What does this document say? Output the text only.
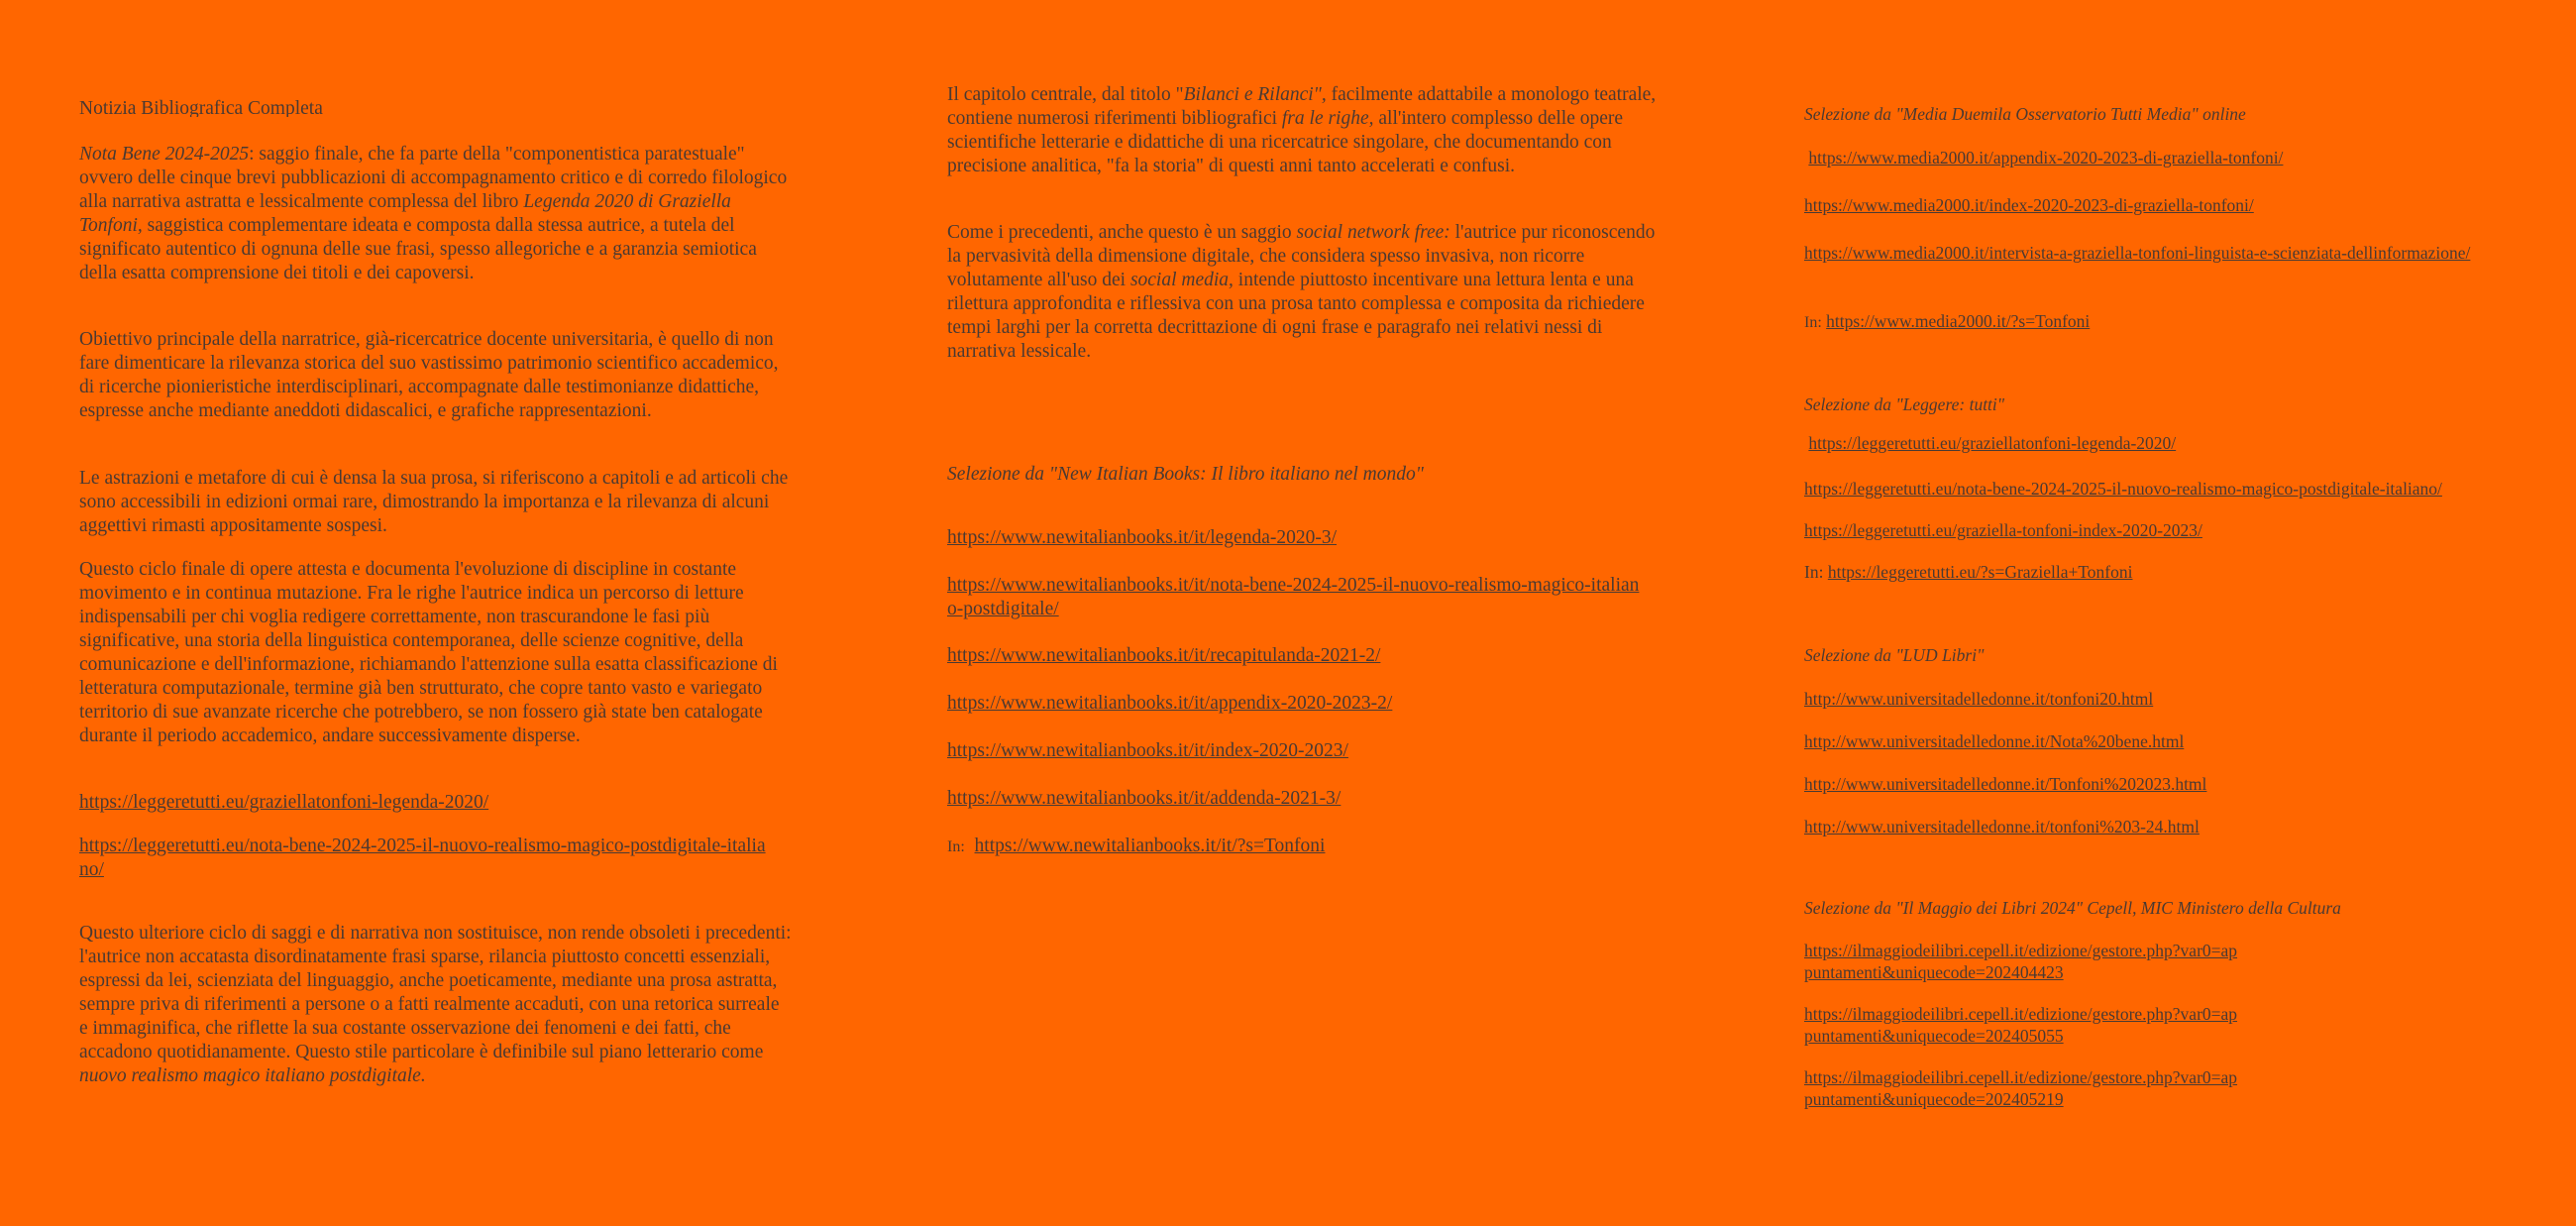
Notizia Bibliografica Completa

Nota Bene 2024-2025: saggio finale, che fa parte della "componentistica paratestuale" ovvero delle cinque brevi pubblicazioni di accompagnamento critico e di corredo filologico alla narrativa astratta e lessicalmente complessa del libro Legenda 2020 di Graziella Tonfoni, saggistica complementare ideata e composta dalla stessa autrice, a tutela del significato autentico di ognuna delle sue frasi, spesso allegoriche e a garanzia semiotica della esatta comprensione dei titoli e dei capoversi.

Obiettivo principale della narratrice, già-ricercatrice docente universitaria, è quello di non fare dimenticare la rilevanza storica del suo vastissimo patrimonio scientifico accademico, di ricerche pionieristiche interdisciplinari, accompagnate dalle testimonianze didattiche, espresse anche mediante aneddoti didascalici, e grafiche rappresentazioni.

Le astrazioni e metafore di cui è densa la sua prosa, si riferiscono a capitoli e ad articoli che sono accessibili in edizioni ormai rare, dimostrando la importanza e la rilevanza di alcuni aggettivi rimasti appositamente sospesi.

Questo ciclo finale di opere attesta e documenta l'evoluzione di discipline in costante movimento e in continua mutazione. Fra le righe l'autrice indica un percorso di letture indispensabili per chi voglia redigere correttamente, non trascurandone le fasi più significative, una storia della linguistica contemporanea, delle scienze cognitive, della comunicazione e dell'informazione, richiamando l'attenzione sulla esatta classificazione di letteratura computazionale, termine già ben strutturato, che copre tanto vasto e variegato territorio di sue avanzate ricerche che potrebbero, se non fossero già state ben catalogate durante il periodo accademico, andare successivamente disperse.

https://leggeretutti.eu/graziellatonfoni-legenda-2020/

https://leggeretutti.eu/nota-bene-2024-2025-il-nuovo-realismo-magico-postdigitale-italiano/

Questo ulteriore ciclo di saggi e di narrativa non sostituisce, non rende obsoleti i precedenti: l'autrice non accatasta disordinatamente frasi sparse, rilancia piuttosto concetti essenziali, espressi da lei, scienziata del linguaggio, anche poeticamente, mediante una prosa astratta, sempre priva di riferimenti a persone o a fatti realmente accaduti, con una retorica surreale e immaginifica, che riflette la sua costante osservazione dei fenomeni e dei fatti, che accadono quotidianamente. Questo stile particolare è definibile sul piano letterario come nuovo realismo magico italiano postdigitale.

Il capitolo centrale, dal titolo "Bilanci e Rilanci", facilmente adattabile a monologo teatrale, contiene numerosi riferimenti bibliografici fra le righe, all'intero complesso delle opere scientifiche letterarie e didattiche di una ricercatrice singolare, che documentando con precisione analitica, "fa la storia" di questi anni tanto accelerati e confusi.

Come i precedenti, anche questo è un saggio social network free: l'autrice pur riconoscendo la pervasività della dimensione digitale, che considera spesso invasiva, non ricorre volutamente all'uso dei social media, intende piuttosto incentivare una lettura lenta e una rilettura approfondita e riflessiva con una prosa tanto complessa e composita da richiedere tempi larghi per la corretta decrittazione di ogni frase e paragrafo nei relativi nessi di narrativa lessicale.

Selezione da "New Italian Books: Il libro italiano nel mondo"

https://www.newitalianbooks.it/it/legenda-2020-3/

https://www.newitalianbooks.it/it/nota-bene-2024-2025-il-nuovo-realismo-magico-italiano-postdigitale/

https://www.newitalianbooks.it/it/recapitulanda-2021-2/

https://www.newitalianbooks.it/it/appendix-2020-2023-2/

https://www.newitalianbooks.it/it/index-2020-2023/

https://www.newitalianbooks.it/it/addenda-2021-3/

In: https://www.newitalianbooks.it/it/?s=Tonfoni

Selezione da "Media Duemila Osservatorio Tutti Media" online

https://www.media2000.it/appendix-2020-2023-di-graziella-tonfoni/

https://www.media2000.it/index-2020-2023-di-graziella-tonfoni/

https://www.media2000.it/intervista-a-graziella-tonfoni-linguista-e-scienziata-dellinformazione/

In: https://www.media2000.it/?s=Tonfoni

Selezione da "Leggere: tutti"

https://leggeretutti.eu/graziellatonfoni-legenda-2020/

https://leggeretutti.eu/nota-bene-2024-2025-il-nuovo-realismo-magico-postdigitale-italiano/

https://leggeretutti.eu/graziella-tonfoni-index-2020-2023/

In: https://leggeretutti.eu/?s=Graziella+Tonfoni

Selezione da "LUD Libri"

http://www.universitadelledonne.it/tonfoni20.html

http://www.universitadelledonne.it/Nota%20bene.html

http://www.universitadelledonne.it/Tonfoni%202023.html

http://www.universitadelledonne.it/tonfoni%203-24.html

Selezione da "Il Maggio dei Libri 2024" Cepell, MIC Ministero della Cultura

https://ilmaggiodeilibri.cepell.it/edizione/gestore.php?var0=appuntamenti&uniquecode=202404423

https://ilmaggiodeilibri.cepell.it/edizione/gestore.php?var0=appuntamenti&uniquecode=202405055

https://ilmaggiodeilibri.cepell.it/edizione/gestore.php?var0=appuntamenti&uniquecode=202405219
